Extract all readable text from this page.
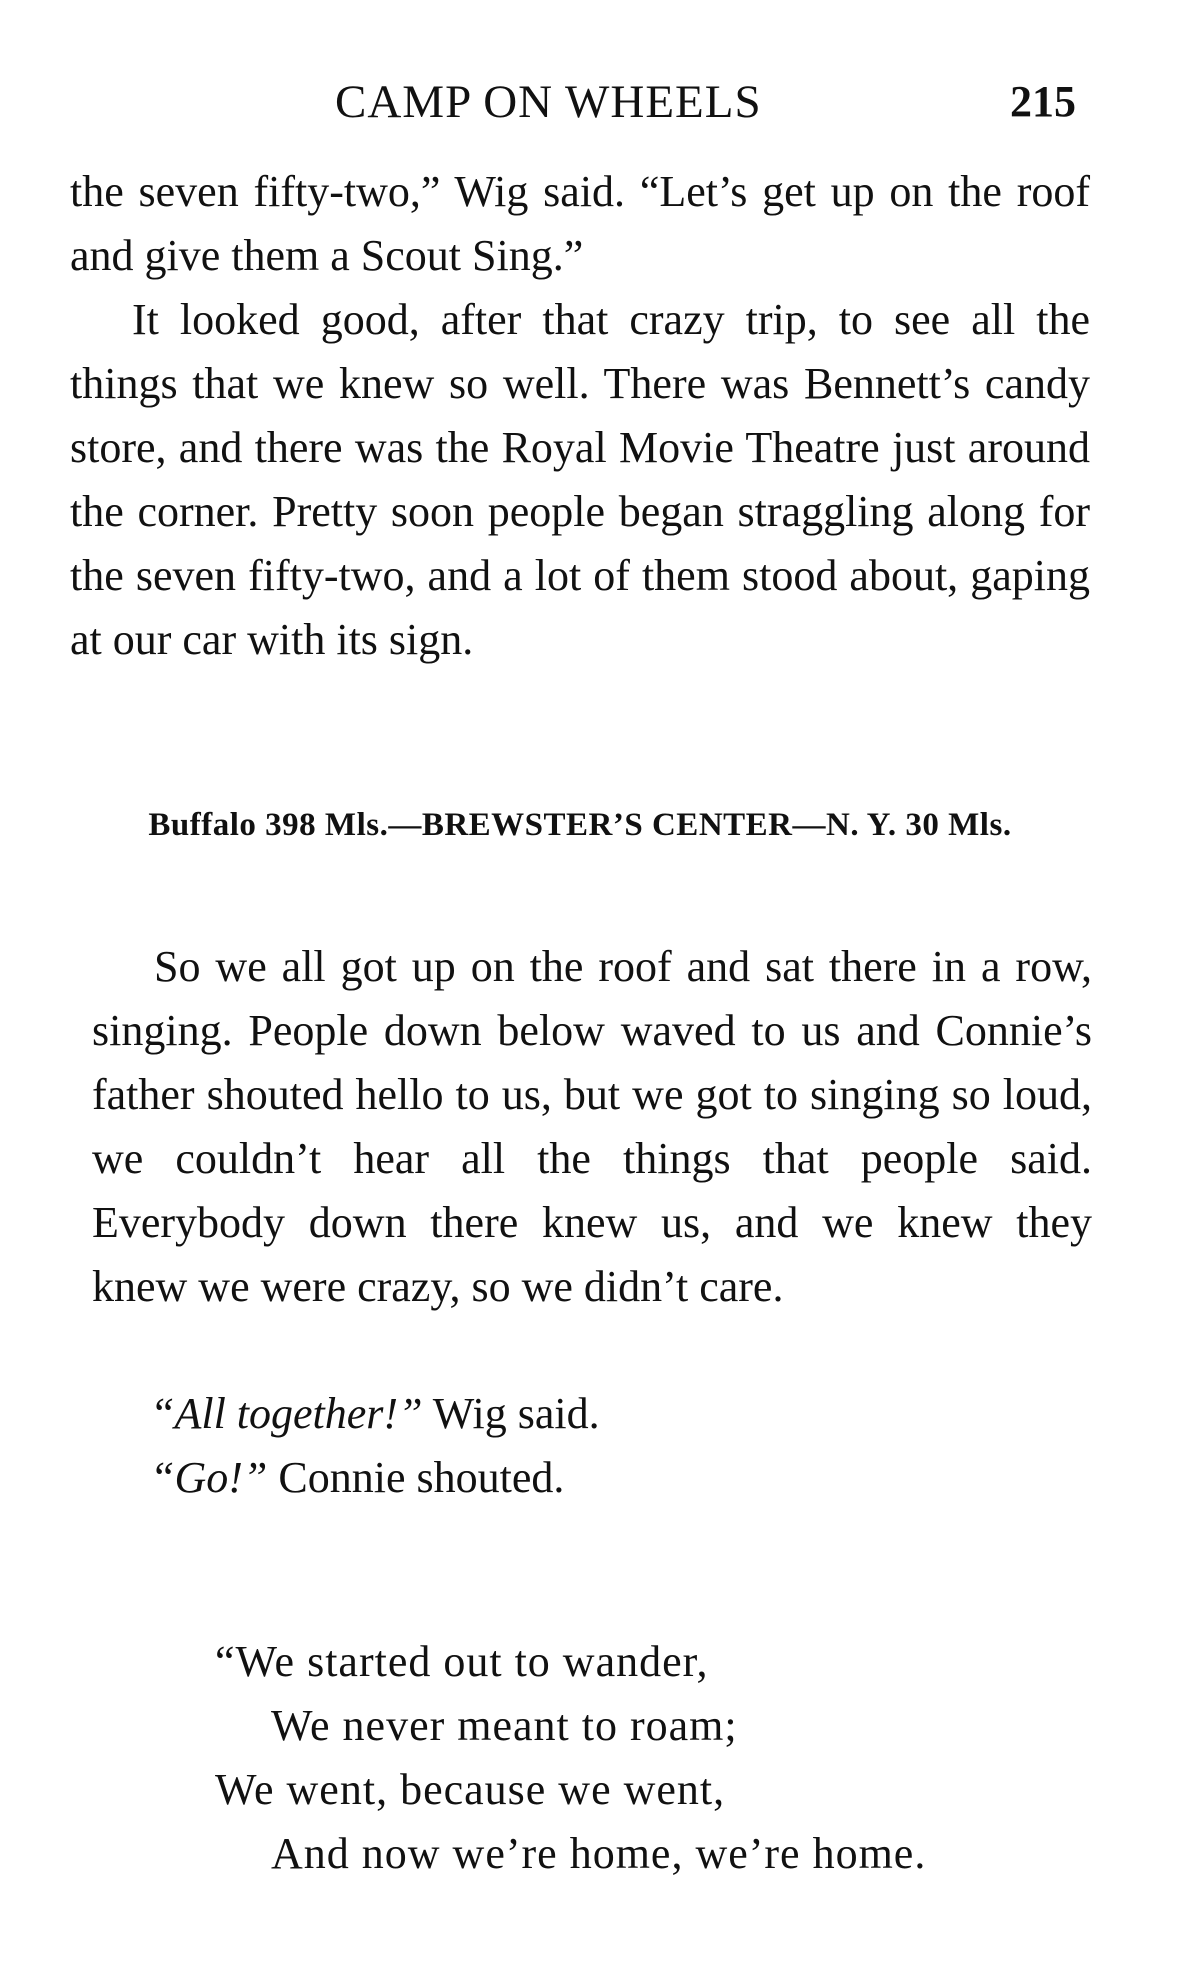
CAMP ON WHEELS	215

the seven fifty-two,” Wig said. “Let’s get up on the roof and give them a Scout Sing.”

It looked good, after that crazy trip, to see all the things that we knew so well. There was Bennett’s candy store, and there was the Royal Movie Theatre just around the corner. Pretty soon people began straggling along for the seven fifty-two, and a lot of them stood about, gaping at our car with its sign.

Buffalo 398 Mls.—BREWSTER’S CENTER—N. Y. 30 Mls.

So we all got up on the roof and sat there in a row, singing. People down below waved to us and Connie’s father shouted hello to us, but we got to singing so loud, we couldn’t hear all the things that people said. Everybody down there knew us, and we knew they knew we were crazy, so we didn’t care.

“All together!” Wig said.
“Go!” Connie shouted.
“We started out to wander,
We never meant to roam;
We went, because we went,
And now we’re home, we’re home.
